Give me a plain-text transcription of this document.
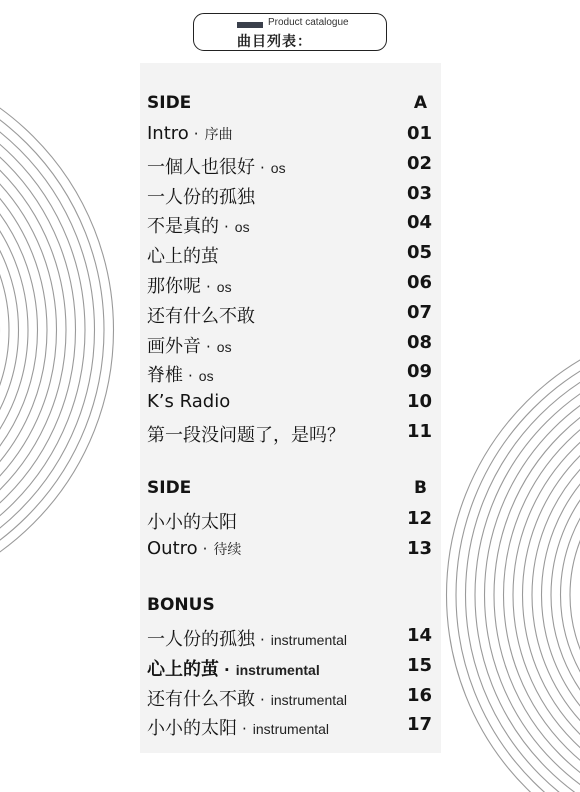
Product catalogue
曲目列表：
SIDE	A
Intro · 序曲	01
一個人也很好 · os	02
一人份的孤独	03
不是真的 · os	04
心上的茧	05
那你呢 · os	06
还有什么不敢	07
画外音 · os	08
脊椎 · os	09
K’s Radio	10
第一段没问题了，是吗？	11
SIDE	B
小小的太阳	12
Outro · 待续	13
BONUS
一人份的孤独 · instrumental	14
心上的茧 · instrumental	15
还有什么不敢 · instrumental	16
小小的太阳 · instrumental	17
